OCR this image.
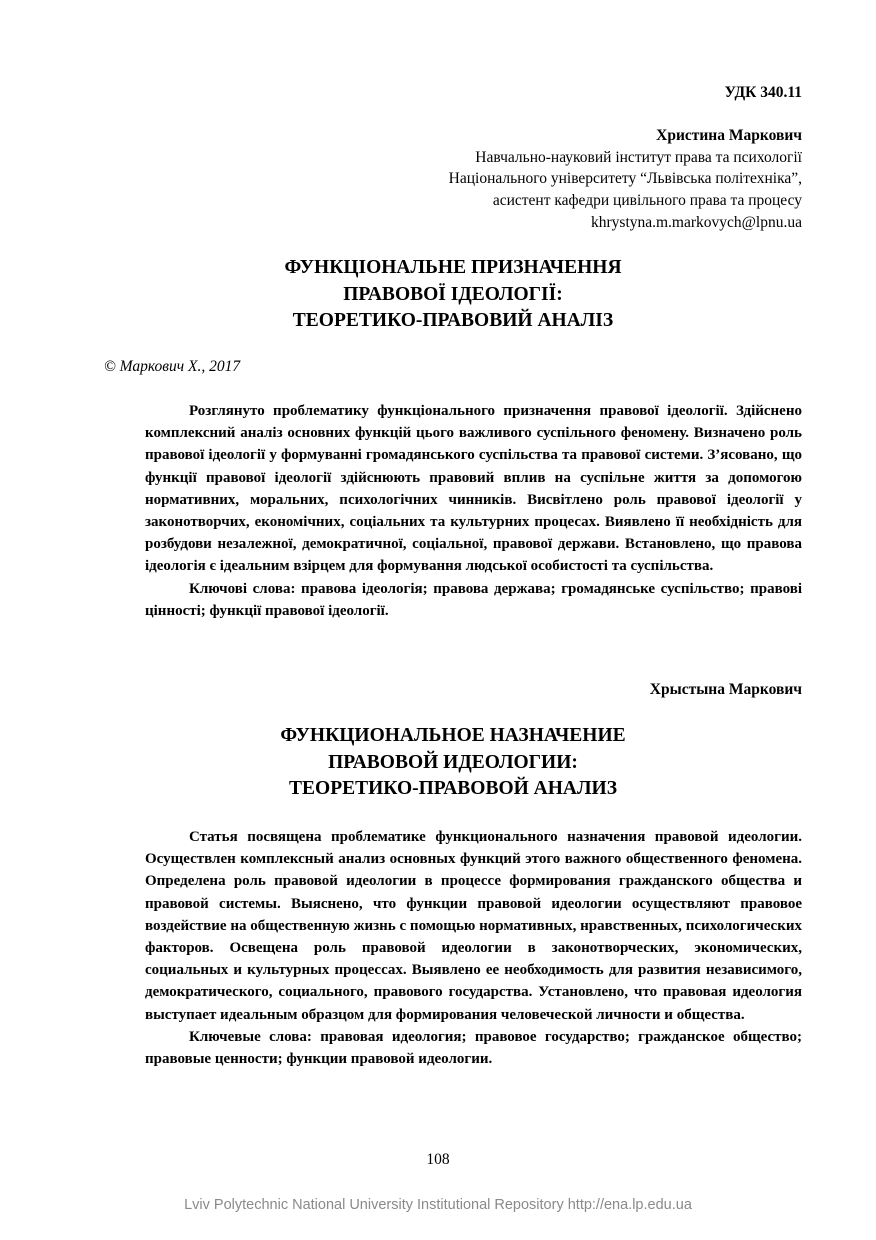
УДК 340.11
Христина Маркович
Навчально-науковий інститут права та психології
Національного університету “Львівська політехніка”,
асистент кафедри цивільного права та процесу
khrystyna.m.markovych@lpnu.ua
ФУНКЦІОНАЛЬНЕ ПРИЗНАЧЕННЯ
ПРАВОВОЇ ІДЕОЛОГІЇ:
ТЕОРЕТИКО-ПРАВОВИЙ АНАЛІЗ
© Маркович Х., 2017

Розглянуто проблематику функціонального призначення правової ідеології. Здійснено комплексний аналіз основних функцій цього важливого суспільного феномену. Визначено роль правової ідеології у формуванні громадянського суспільства та правової системи. З’ясовано, що функції правової ідеології здійснюють правовий вплив на суспільне життя за допомогою нормативних, моральних, психологічних чинників. Висвітлено роль правової ідеології у законотворчих, економічних, соціальних та культурних процесах. Виявлено її необхідність для розбудови незалежної, демократичної, соціальної, правової держави. Встановлено, що правова ідеологія є ідеальним взірцем для формування людської особистості та суспільства.

Ключові слова: правова ідеологія; правова держава; громадянське суспільство; правові цінності; функції правової ідеології.

Хрыстына Маркович
ФУНКЦИОНАЛЬНОЕ НАЗНАЧЕНИЕ
ПРАВОВОЙ ИДЕОЛОГИИ:
ТЕОРЕТИКО-ПРАВОВОЙ АНАЛИЗ

Статья посвящена проблематике функционального назначения правовой идеологии. Осуществлен комплексный анализ основных функций этого важного общественного феномена. Определена роль правовой идеологии в процессе формирования гражданского общества и правовой системы. Выяснено, что функции правовой идеологии осуществляют правовое воздействие на общественную жизнь с помощью нормативных, нравственных, психологических факторов. Освещена роль правовой идеологии в законотворческих, экономических, социальных и культурных процессах. Выявлено ее необходимость для развития независимого, демократического, социального, правового государства. Установлено, что правовая идеология выступает идеальным образцом для формирования человеческой личности и общества.

Ключевые слова: правовая идеология; правовое государство; гражданское общество; правовые ценности; функции правовой идеологии.

108
Lviv Polytechnic National University Institutional Repository http://ena.lp.edu.ua
